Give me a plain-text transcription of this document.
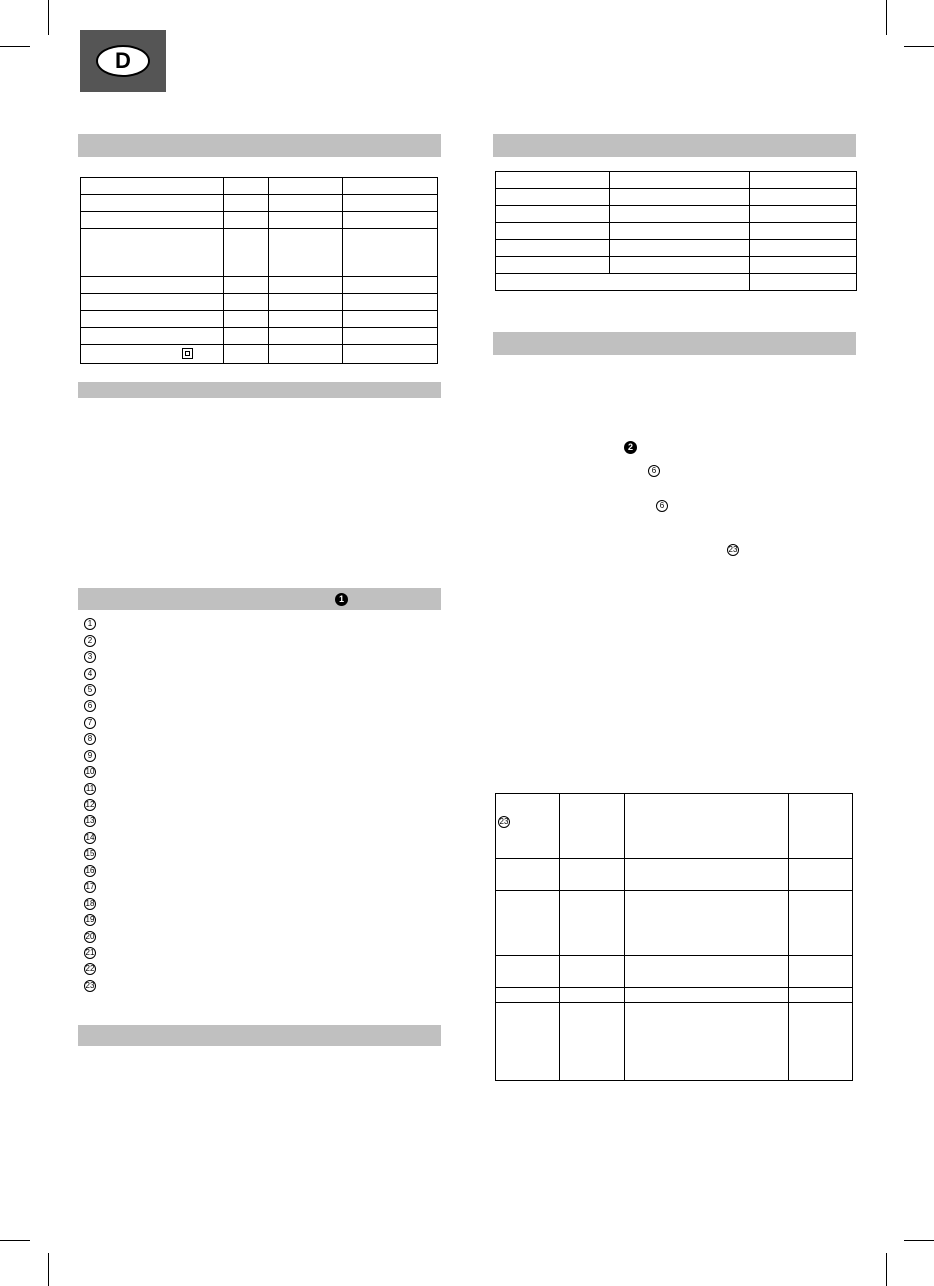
D

1
1
2
3
4
5
6
7
8
9
10
11
12
13
14
15
16
17
18
19
20
21
22
23

2
6
6
23
23			
